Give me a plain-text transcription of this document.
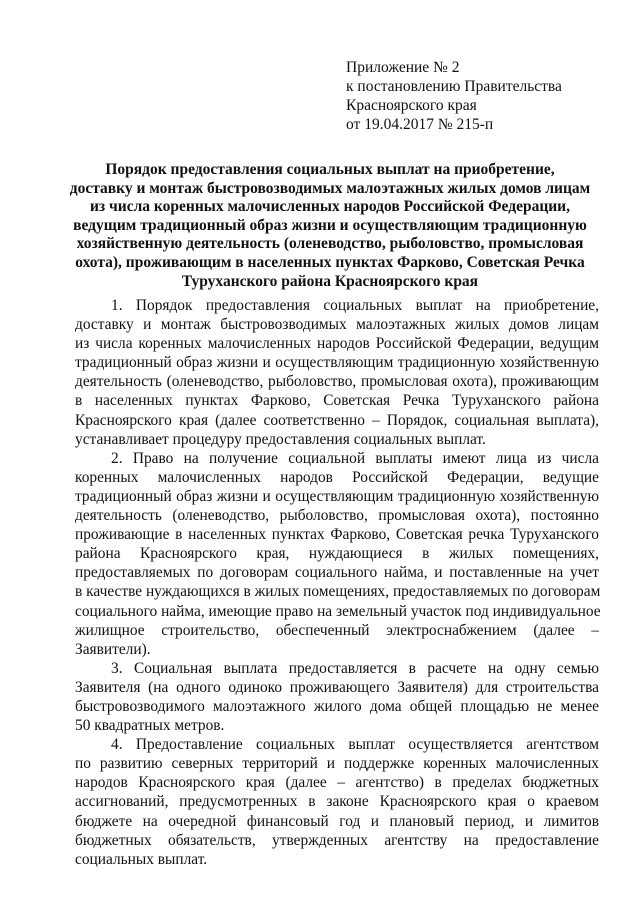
Приложение № 2
к постановлению Правительства
Красноярского края
от 19.04.2017 № 215-п
Порядок предоставления социальных выплат на приобретение,
доставку и монтаж быстровозводимых малоэтажных жилых домов лицам
из числа коренных малочисленных народов Российской Федерации,
ведущим традиционный образ жизни и осуществляющим традиционную
хозяйственную деятельность (оленеводство, рыболовство, промысловая
охота), проживающим в населенных пунктах Фарково, Советская Речка
Туруханского района Красноярского края
1. Порядок предоставления социальных выплат на приобретение,
доставку и монтаж быстровозводимых малоэтажных жилых домов лицам
из числа коренных малочисленных народов Российской Федерации, ведущим
традиционный образ жизни и осуществляющим традиционную хозяйственную
деятельность (оленеводство, рыболовство, промысловая охота), проживающим
в населенных пунктах Фарково, Советская Речка Туруханского района
Красноярского края (далее соответственно – Порядок, социальная выплата),
устанавливает процедуру предоставления социальных выплат.
2. Право на получение социальной выплаты имеют лица из числа
коренных малочисленных народов Российской Федерации, ведущие
традиционный образ жизни и осуществляющим традиционную хозяйственную
деятельность (оленеводство, рыболовство, промысловая охота), постоянно
проживающие в населенных пунктах Фарково, Советская речка Туруханского
района Красноярского края, нуждающиеся в жилых помещениях,
предоставляемых по договорам социального найма, и поставленные на учет
в качестве нуждающихся в жилых помещениях, предоставляемых по договорам
социального найма, имеющие право на земельный участок под индивидуальное
жилищное строительство, обеспеченный электроснабжением (далее –
Заявители).
3. Социальная выплата предоставляется в расчете на одну семью
Заявителя (на одного одиноко проживающего Заявителя) для строительства
быстровозводимого малоэтажного жилого дома общей площадью не менее
50 квадратных метров.
4. Предоставление социальных выплат осуществляется агентством
по развитию северных территорий и поддержке коренных малочисленных
народов Красноярского края (далее – агентство) в пределах бюджетных
ассигнований, предусмотренных в законе Красноярского края о краевом
бюджете на очередной финансовый год и плановый период, и лимитов
бюджетных обязательств, утвержденных агентству на предоставление
социальных выплат.
